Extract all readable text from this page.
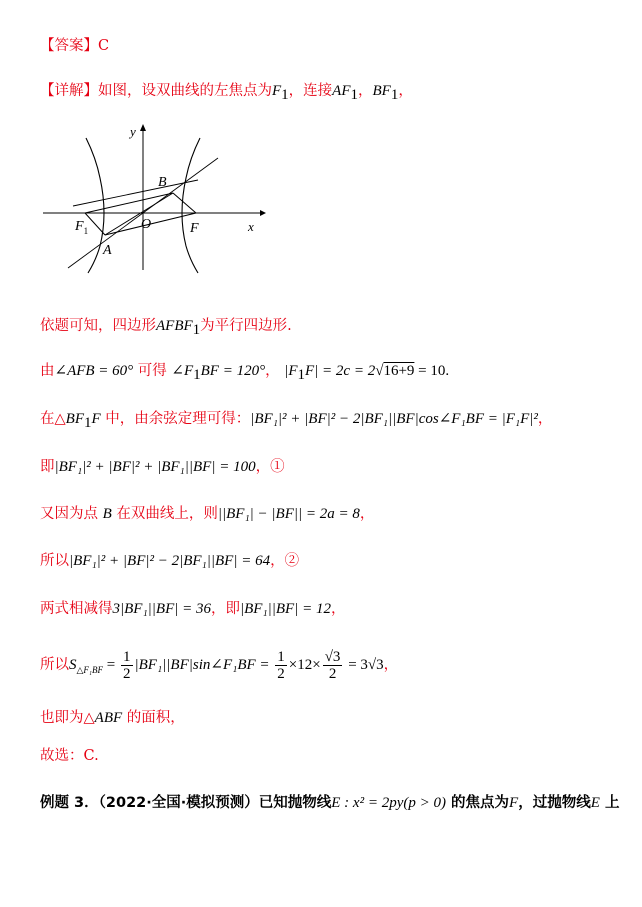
【答案】C
【详解】如图，设双曲线的左焦点为$F_1$，连接$AF_1$，$BF_1$，
y
x
B
O
$F_1$
A
F
依题可知，四边形$AFBF_1$为平行四边形.
由∠AFB = 60° 可得 $\angle F_1BF = 120^\circ$， $|F_1F| = 2c = 2√16+9 = 10$.
在$\triangle BF_1F$ 中，由余弦定理可得：|BF₁|² + |BF|² − 2|BF₁||BF|cos∠F₁BF = |F₁F|²，
即|BF₁|² + |BF|² + |BF₁||BF| = 100，①
又因为点 B 在双曲线上，则||BF₁| − |BF|| = 2a = 8，
所以|BF₁|² + |BF|² − 2|BF₁||BF| = 64，②
两式相减得3|BF₁||BF| = 36，即|BF₁||BF| = 12，
所以$S_{\triangle F_1BF} = \frac{1}{2}$ |BF₁||BF|sin∠F₁BF = $\frac{1}{2} \times 12\times \frac{√3}{2} = 3√3$，
也即为△ABF 的面积，
故选：C.
例题 3．（2022·全国·模拟预测）已知抛物线E : x² = 2py(p > 0) 的焦点为F，过抛物线E 上
